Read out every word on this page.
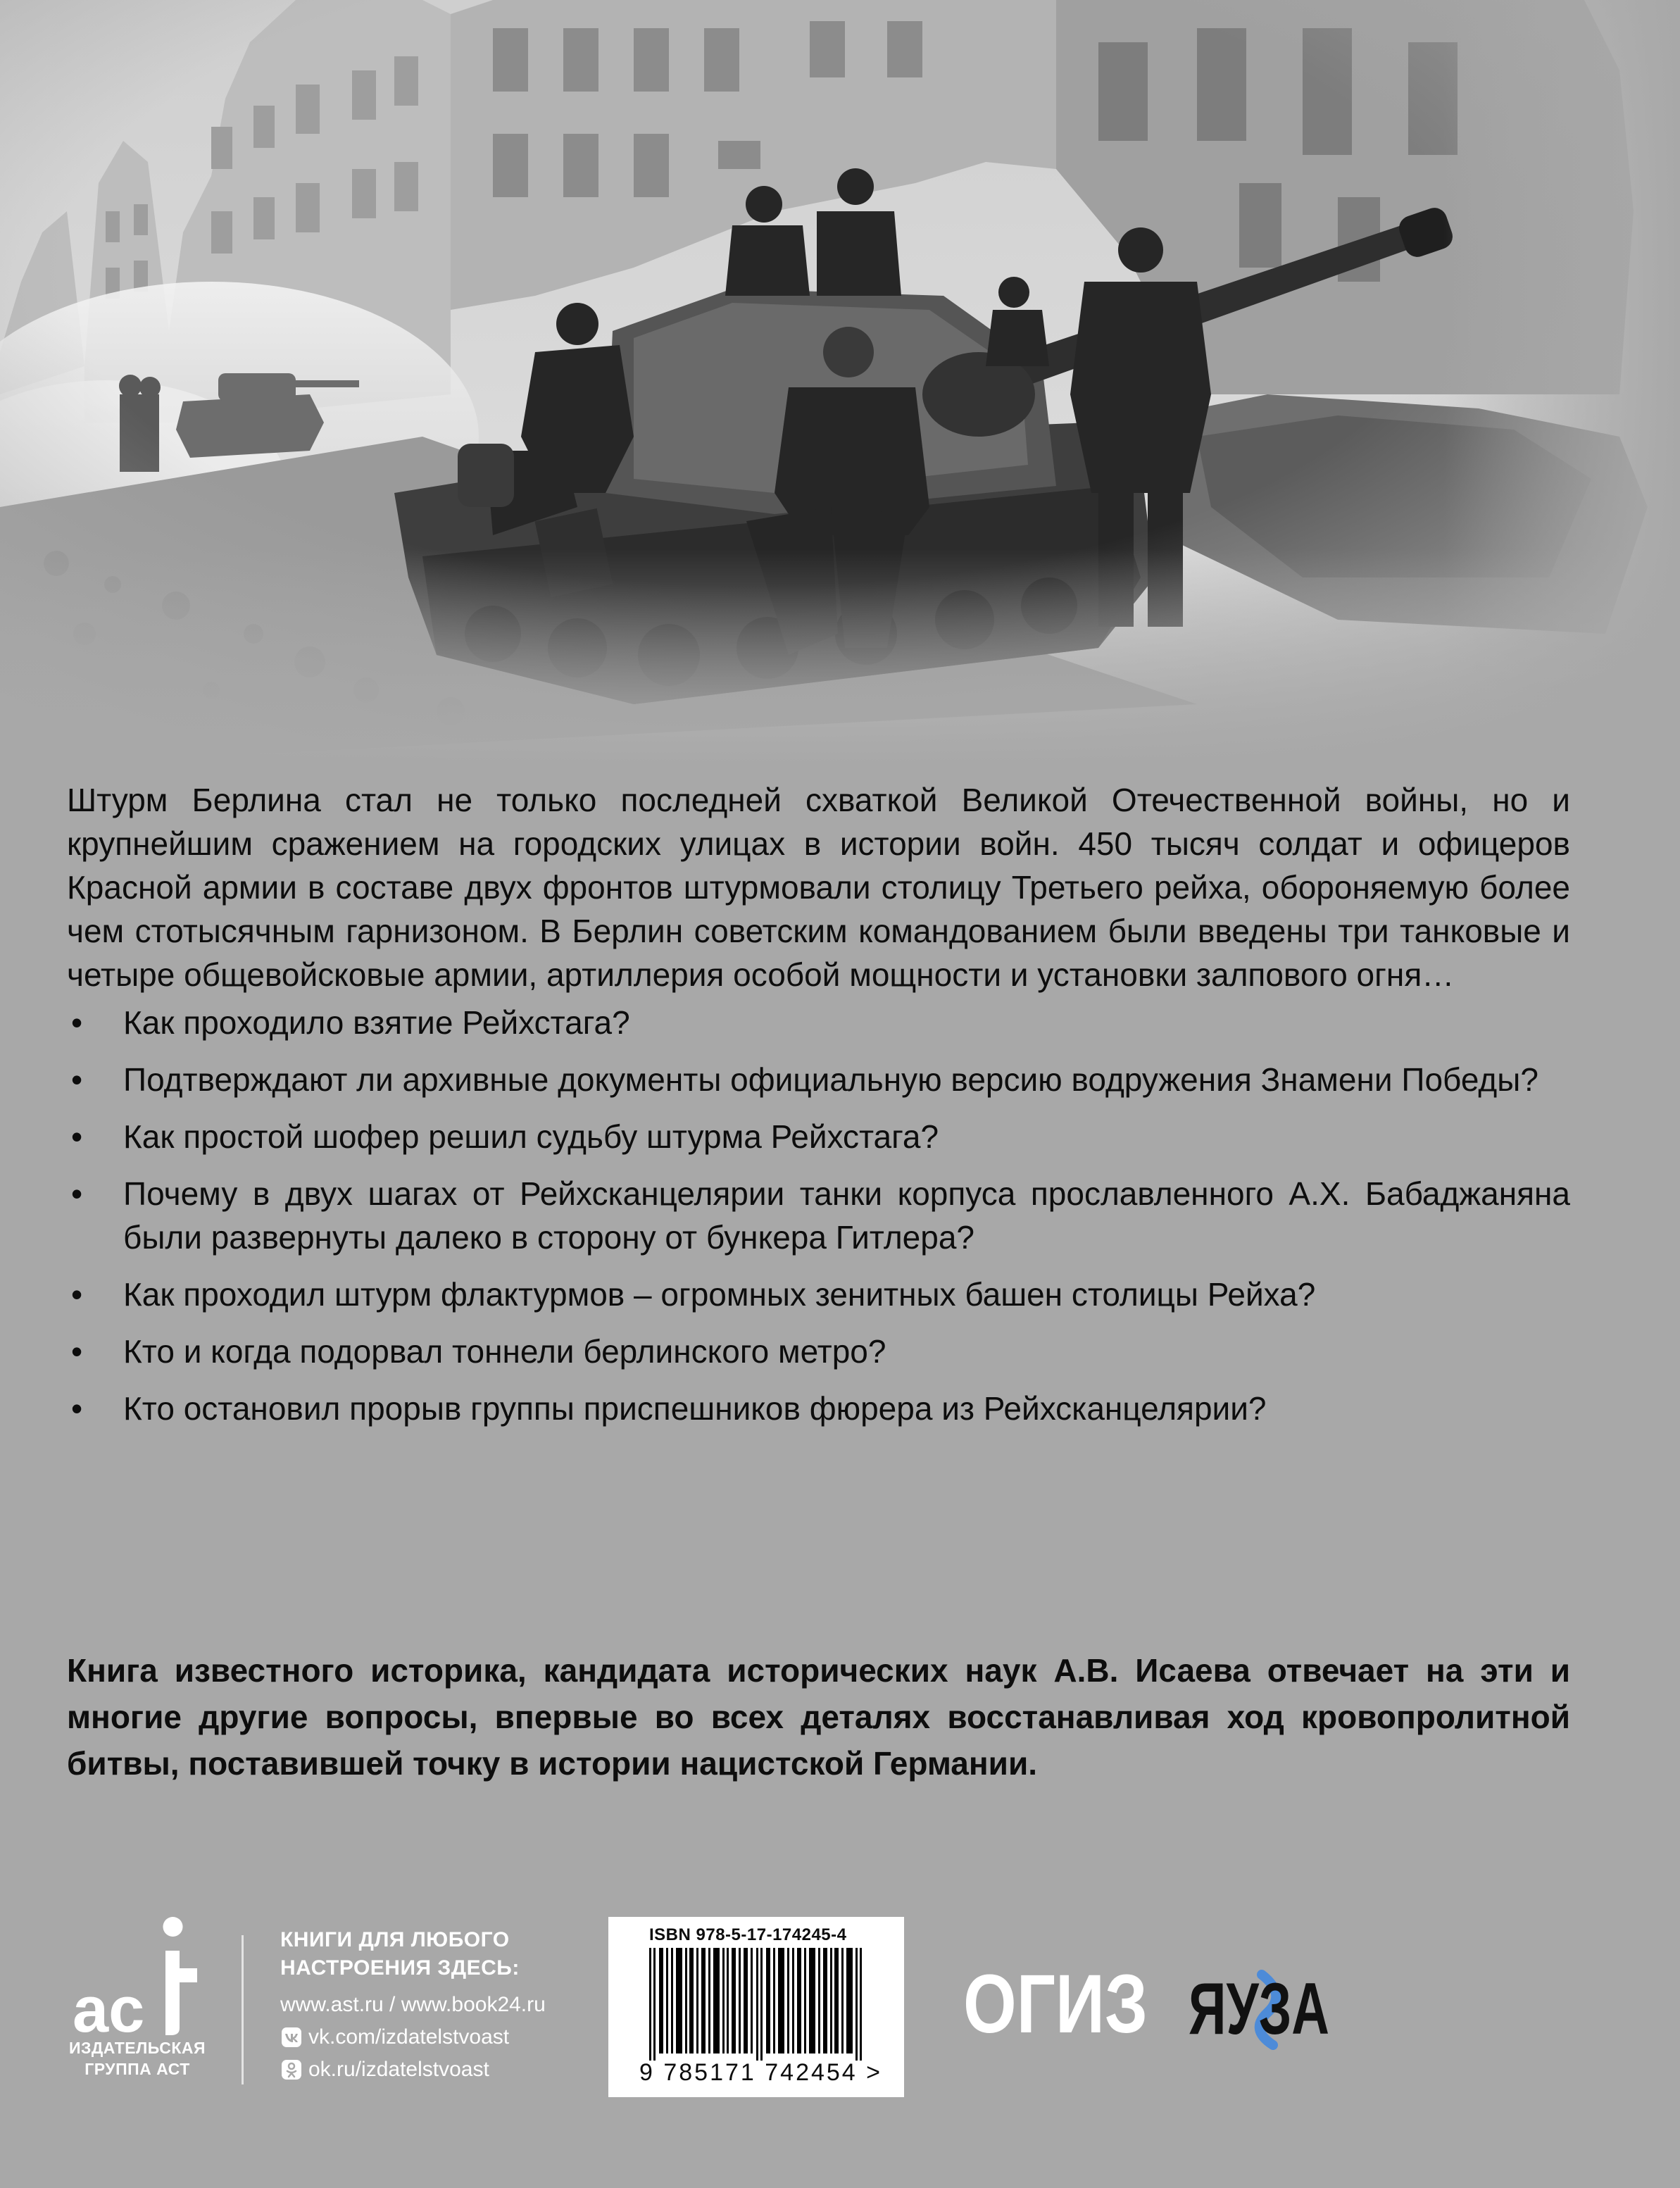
Штурм Берлина стал не только последней схваткой Великой Отечественной войны, но и крупнейшим сражением на городских улицах в истории войн. 450 тысяч солдат и офицеров Красной армии в составе двух фронтов штурмовали столицу Третьего рейха, обороняемую более чем стотысячным гарнизоном. В Берлин советским командованием были введены три танковые и четыре общевойсковые армии, артиллерия особой мощности и установки залпового огня…

• Как проходило взятие Рейхстага?
• Подтверждают ли архивные документы официальную версию водружения Знамени Победы?
• Как простой шофер решил судьбу штурма Рейхстага?
• Почему в двух шагах от Рейхсканцелярии танки корпуса прославленного А.Х. Бабаджаняна были развернуты далеко в сторону от бункера Гитлера?
• Как проходил штурм флактурмов – огромных зенитных башен столицы Рейха?
• Кто и когда подорвал тоннели берлинского метро?
• Кто остановил прорыв группы приспешников фюрера из Рейхсканцелярии?

Книга известного историка, кандидата исторических наук А.В. Исаева отвечает на эти и многие другие вопросы, впервые во всех деталях восстанавливая ход кровопролитной битвы, поставившей точку в истории нацистской Германии.

ас
ИЗДАТЕЛЬСКАЯ
ГРУППА АСТ
КНИГИ ДЛЯ ЛЮБОГО
НАСТРОЕНИЯ ЗДЕСЬ:
www.ast.ru / www.book24.ru
vk.com/izdatelstvoast
ok.ru/izdatelstvoast
ISBN 978-5-17-174245-4
9 785171 742454 >
ОГИЗ ЯУЗА
